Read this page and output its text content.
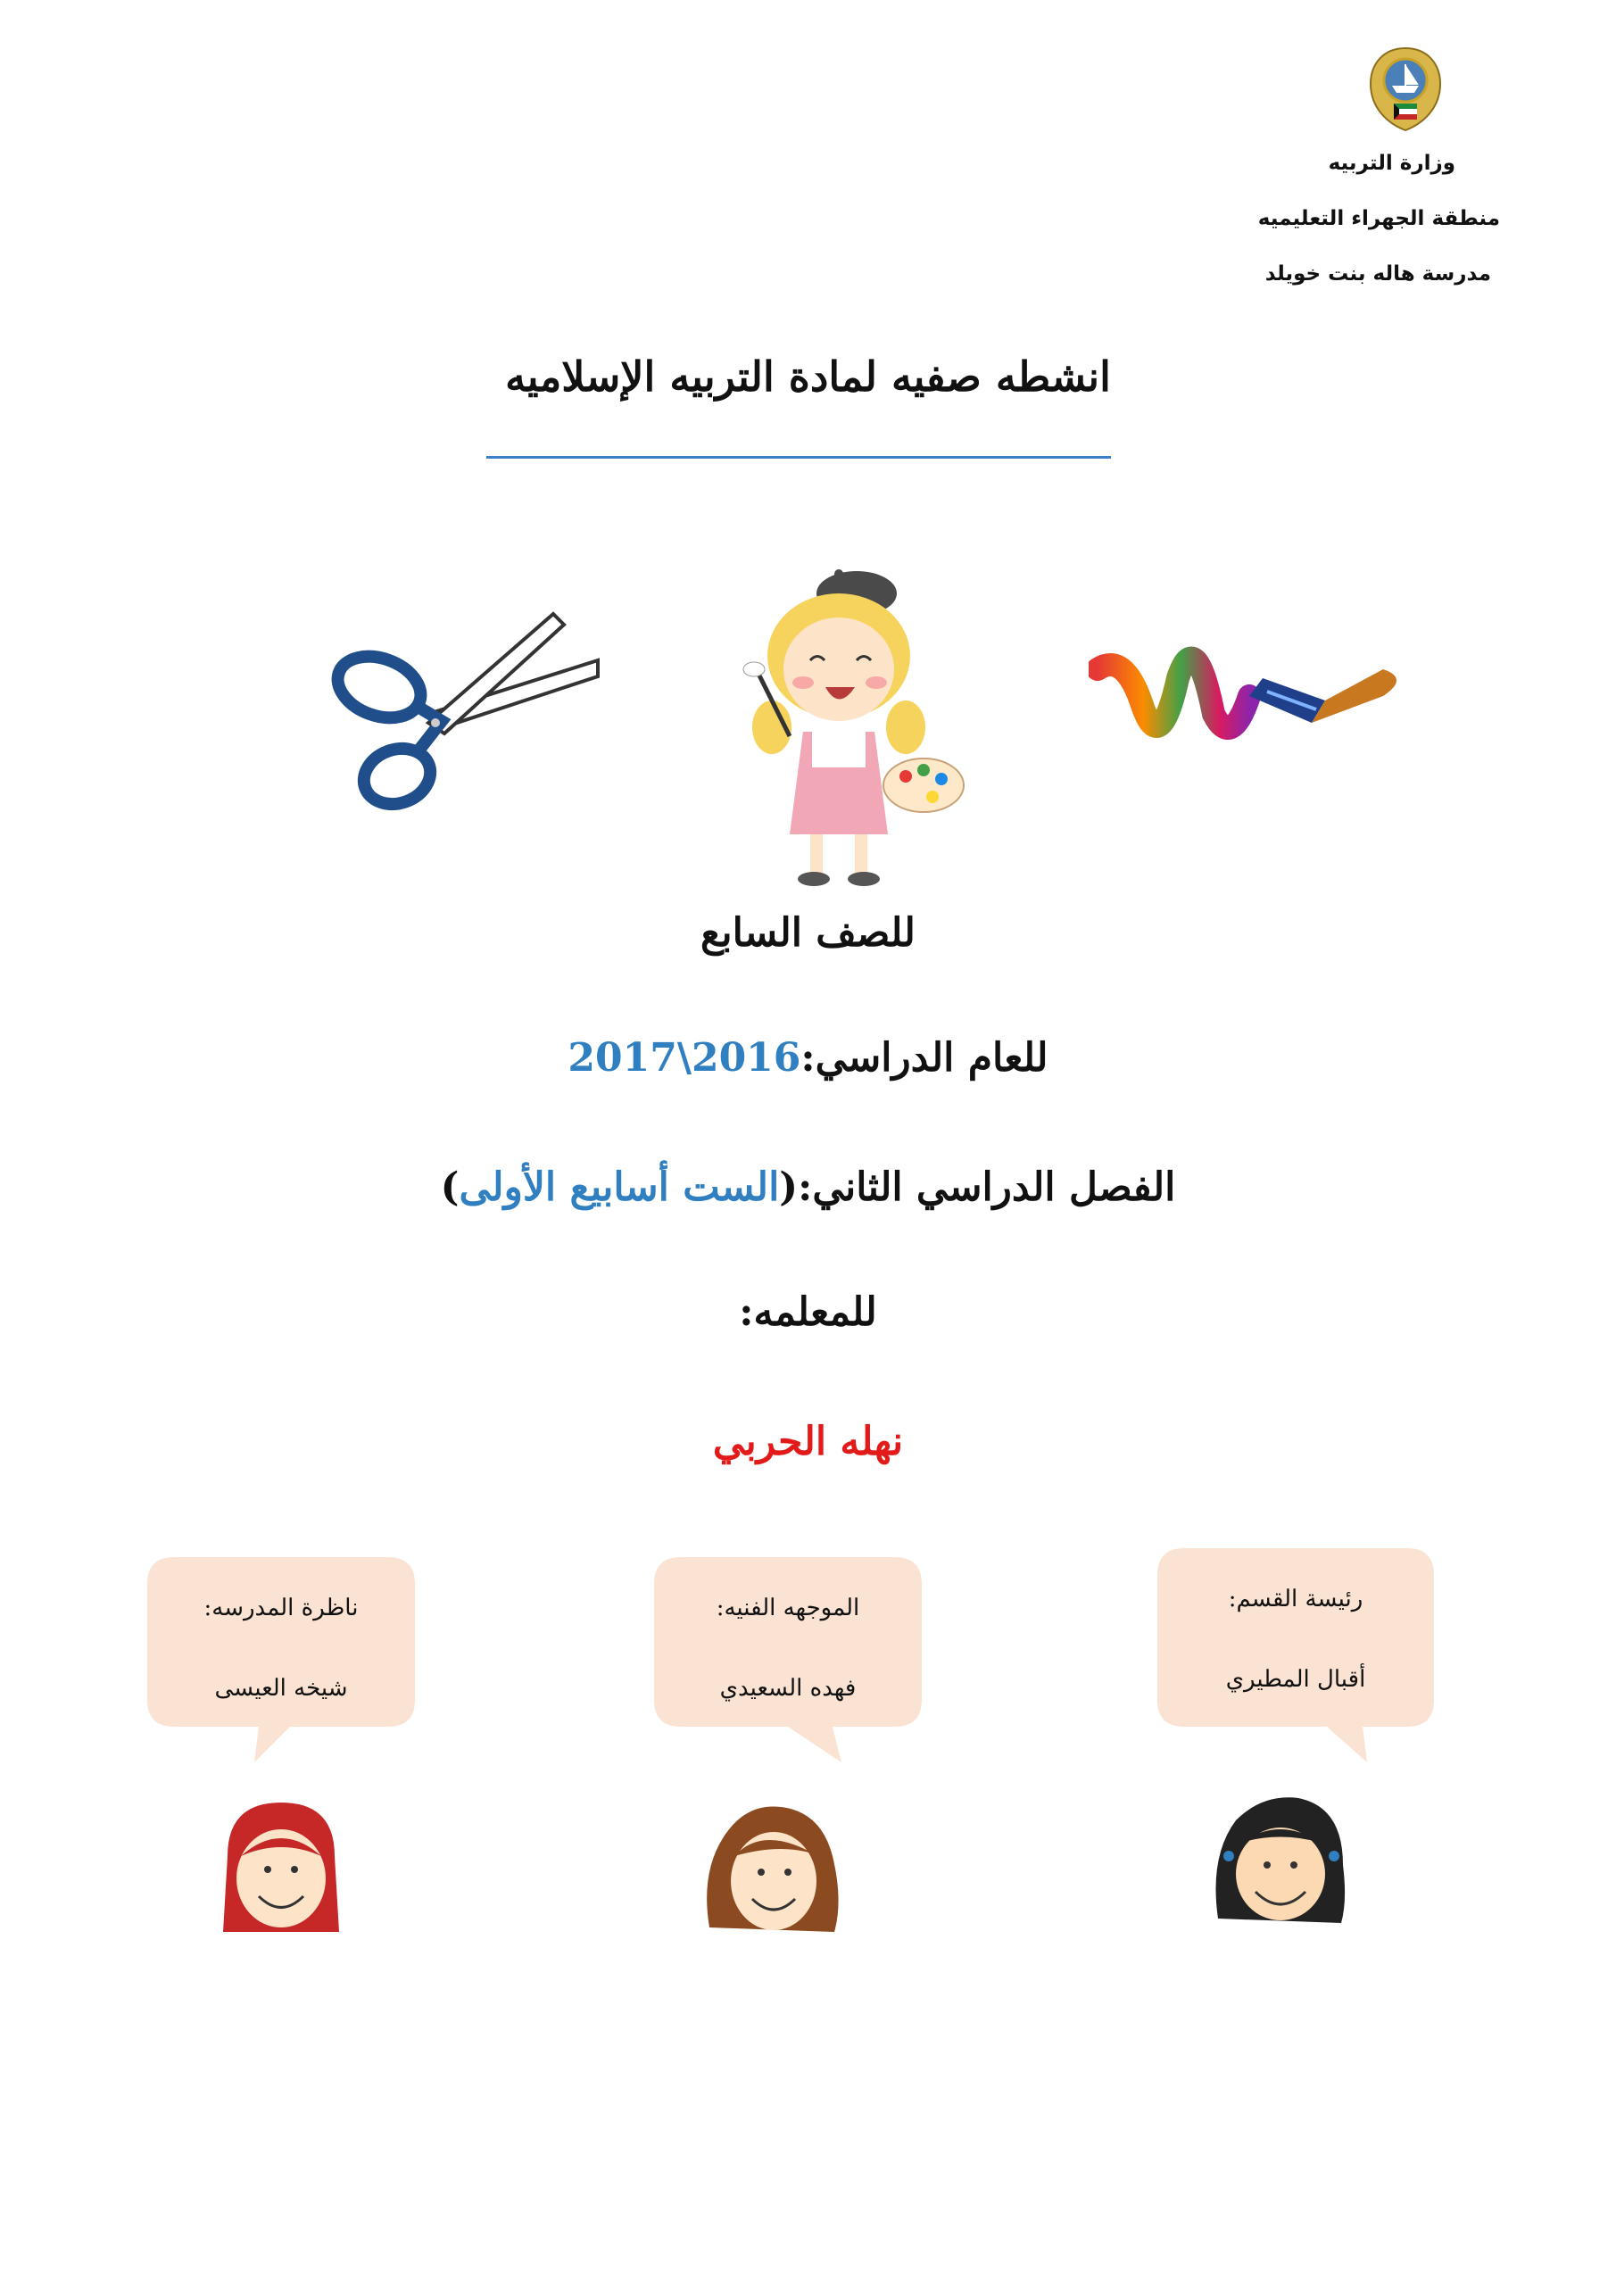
وزارة التربيه
منطقة الجهراء التعليميه
مدرسة هاله بنت خويلد
انشطه صفيه لمادة التربيه الإسلاميه
للصف السابع
للعام الدراسي:2016\2017
الفصل الدراسي الثاني:(الست أسابيع الأولى)
للمعلمه:
نهله الحربي
ناظرة المدرسه:
شيخه العيسى
الموجهه الفنيه:
فهده السعيدي
رئيسة القسم:
أقبال المطيري
